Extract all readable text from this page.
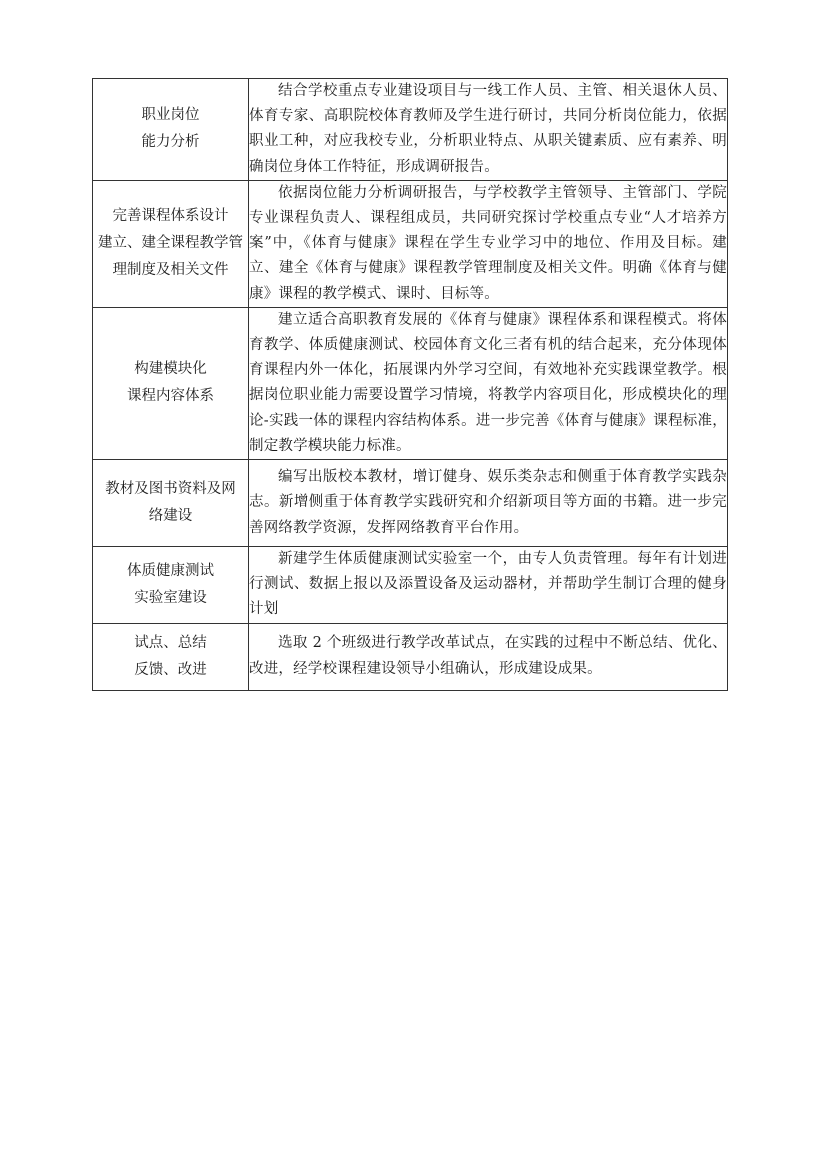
职业岗位
能力分析	结合学校重点专业建设项目与一线工作人员、主管、相关退休人员、体育专家、高职院校体育教师及学生进行研讨，共同分析岗位能力，依据职业工种，对应我校专业，分析职业特点、从职关键素质、应有素养、明确岗位身体工作特征，形成调研报告。

完善课程体系设计
建立、建全课程教学管
理制度及相关文件	依据岗位能力分析调研报告，与学校教学主管领导、主管部门、学院专业课程负责人、课程组成员，共同研究探讨学校重点专业“人才培养方案”中，《体育与健康》课程在学生专业学习中的地位、作用及目标。建立、建全《体育与健康》课程教学管理制度及相关文件。明确《体育与健康》课程的教学模式、课时、目标等。

构建模块化
课程内容体系	建立适合高职教育发展的《体育与健康》课程体系和课程模式。将体育教学、体质健康测试、校园体育文化三者有机的结合起来，充分体现体育课程内外一体化，拓展课内外学习空间，有效地补充实践课堂教学。根据岗位职业能力需要设置学习情境，将教学内容项目化，形成模块化的理论-实践一体的课程内容结构体系。进一步完善《体育与健康》课程标准，制定教学模块能力标准。

教材及图书资料及网
络建设	编写出版校本教材，增订健身、娱乐类杂志和侧重于体育教学实践杂志。新增侧重于体育教学实践研究和介绍新项目等方面的书籍。进一步完善网络教学资源，发挥网络教育平台作用。

体质健康测试
实验室建设	新建学生体质健康测试实验室一个，由专人负责管理。每年有计划进行测试、数据上报以及添置设备及运动器材，并帮助学生制订合理的健身计划

试点、总结
反馈、改进	选取 2 个班级进行教学改革试点，在实践的过程中不断总结、优化、改进，经学校课程建设领导小组确认，形成建设成果。
